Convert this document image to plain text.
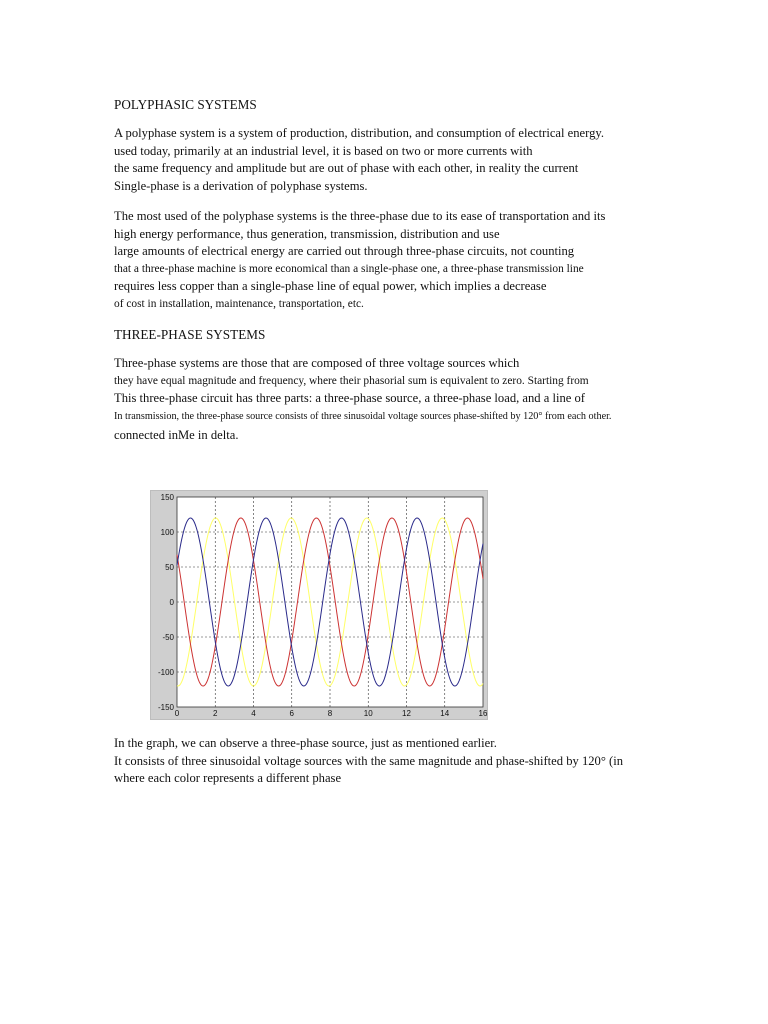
POLYPHASIC SYSTEMS
A polyphase system is a system of production, distribution, and consumption of electrical energy.
used today, primarily at an industrial level, it is based on two or more currents with
the same frequency and amplitude but are out of phase with each other, in reality the current
Single-phase is a derivation of polyphase systems.
The most used of the polyphase systems is the three-phase due to its ease of transportation and its
high energy performance, thus generation, transmission, distribution and use
large amounts of electrical energy are carried out through three-phase circuits, not counting
that a three-phase machine is more economical than a single-phase one, a three-phase transmission line
requires less copper than a single-phase line of equal power, which implies a decrease
of cost in installation, maintenance, transportation, etc.
THREE-PHASE SYSTEMS
Three-phase systems are those that are composed of three voltage sources which
they have equal magnitude and frequency, where their phasorial sum is equivalent to zero. Starting from
This three-phase circuit has three parts: a three-phase source, a three-phase load, and a line of
In transmission, the three-phase source consists of three sinusoidal voltage sources phase-shifted by 120° from each other.
connected inMe in delta.
0	2	4	6	8	10	12	14	16
150
100
50
0
-50
-100
-150
In the graph, we can observe a three-phase source, just as mentioned earlier.
It consists of three sinusoidal voltage sources with the same magnitude and phase-shifted by 120° (in
where each color represents a different phase
